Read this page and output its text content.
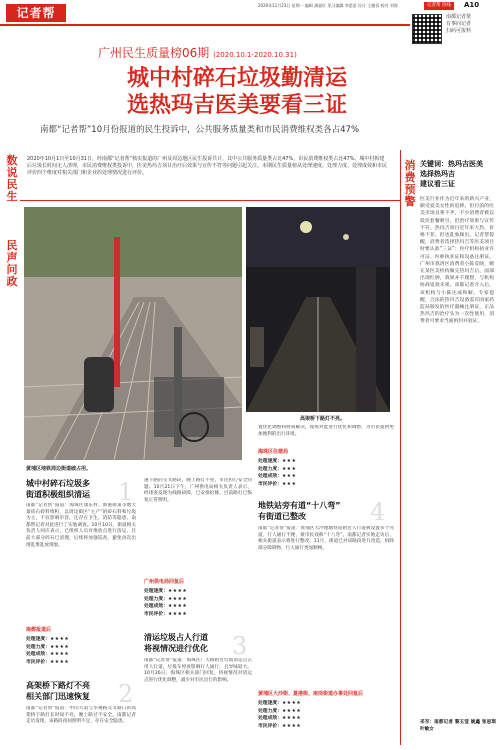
记者帮
2020年11月23日 星期一 编辑 潘福红 见习编辑 李思思 设计 王婕蓉 校对 刘海	记者帮 热线	A10
南都记者帮
有事问记者
扫码可报料
广州民生质量榜06期 (2020.10.1-2020.10.31)
城中村碎石垃圾勤清运
选热玛吉医美要看三证
南都“记者帮”10月份报道的民生投诉中，公共服务质量类和市民消费维权类各占47%
数说民生
2020年10月1日至10月31日，经南都“记者帮”核实报道的广州及周边地区民生投诉共计，其中公共服务质量类占比47%，市民消费维权类占比47%。城中村拆建后垃圾长时间无人清理，市民消费维权类投诉中，医美热玛吉项目治疗后效果与宣传不符等问题引起关注。本期民生质量榜从处理速度、处理力度、处理成效和市民评价四个维度对相关部门和企业的处理情况进行评价。
民声问政
黄埔区地铁周边街道破占用。
高架桥下路灯不亮。
城中村碎石垃圾多
街道积极组织清运	1
南都“记者帮”报道：海珠区康乐村、新港街道等地大量砖石碎料堆积，以周边街区“主产”的碎石料和垃圾为主，不仅影响市容，还存在卫生、消防等隐患。南都帮记者对此进行了实地调查。10月10日，街道相关负责人回应表示，已组织人员对堆放点进行清运，目前大部分碎石已清理，后续将加强巡查，避免再次出现乱堆乱放现象。
南都报道后
处理速度：★★★★
处理力度：★★★★
处理成效：★★★★
市民评价：★★★★
高架桥下路灯不亮
相关部门迅速恢复	2
南都“记者帮”报道：中山大道与华观路交叉路口的高架桥下路灯长时间不亮，晚上路过不安全。南都记者走访发现，该路段夜间照明不足，存在安全隐患。
速千路的交叉路段，晚上路灯不亮，市民担心安全问题。10月21日下午，广州供电局相关负责人表示，经排查发现为线路故障，已安排抢修，目前路灯已恢复正常照明。
广州供电局回复后
处理速度：★★★★
处理力度：★★★★
处理成效：★★★★
市民评价：★★★★
清运垃圾占人行道
将视情况进行优化	3
南都“记者帮”报道：海珠区广大路附近垃圾清运点占用人行道，垃圾车停放影响行人通行，且异味较大。10月26日，海珠区相关部门回复，将视情况对清运点进行优化调整，减少对市民出行的影响。
置优化调整和协商解决，现场对此进行优化和调整，为市民提供更加便利的出行环境。
海珠区住建局
处理速度：★★★
处理力度：★★★
处理成效：★★★
市民评价：★★★
地铁站旁有道“十八弯”
有街道已整改	4
南都“记者帮”报道：黄埔区大沙地地铁站附近人行道被设置多个弯道，行人通行不便，被市民戏称“十八弯”。南都记者实地走访后，相关街道表示将进行整改。11月，街道已对该路段进行改造，拆除部分障碍物，行人通行更加顺畅。
黄埔区大沙街、夏港街、南岗街道办事处回复后
处理速度：★★★★
处理力度：★★★★
处理成效：★★★★
市民评价：★★★★
消费预警
关键词：热玛吉医美
选择热玛吉
建议看三证
医美行业作为近年来的新兴产业，颇受爱美女性的追捧。但目前的医美市场良莠不齐，不少消费者被以低价套餐吸引，但治疗效果与宣传不符。热玛吉项目近年来大热，价格不菲，但也乱象频出。记者帮提醒，消费者选择热玛吉等医美项目时要认准“三证”：医疗机构执业许可证、医师执业证和设备注册证。广州市荔湾区消费者小陈反映，她在某医美机构做完热玛吉后，面部出现红肿，效果并不理想，与机构协商退款未果。南都记者介入后，该机构与小陈达成和解。专家提醒，合法的热玛吉设备需有国家药监局颁发的医疗器械注册证，正品热玛吉的治疗头为一次性使用，消费者可要求当面拆封并验证。
采写：南都记者 黎玉莹 姚鑫 张思琪 叶敏女
